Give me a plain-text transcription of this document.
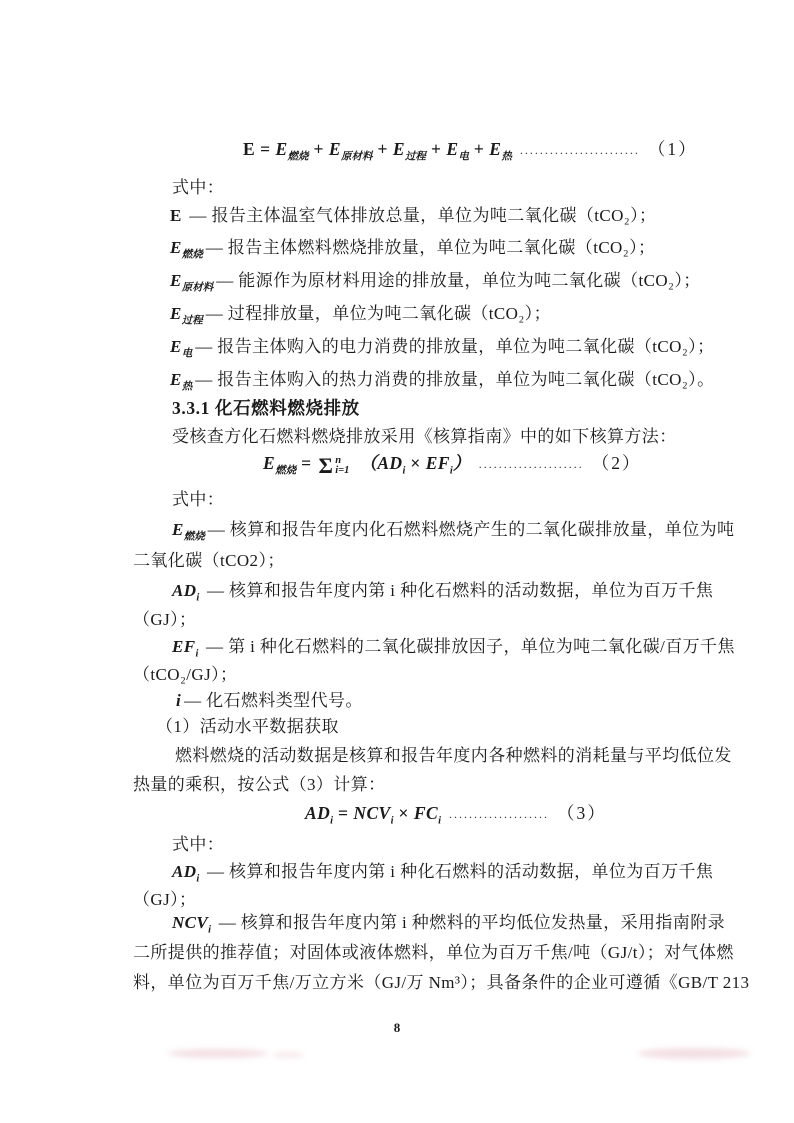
$E = E_{燃烧} + E_{原材料} + E_{过程} + E_电 + E_热$ ........................ （1）
式中：
E — 报告主体温室气体排放总量，单位为吨二氧化碳（tCO₂）；
$E_{燃烧}$ — 报告主体燃料燃烧排放量，单位为吨二氧化碳（tCO₂）；
$E_{原材料}$ — 能源作为原材料用途的排放量，单位为吨二氧化碳（tCO₂）；
$E_{过程}$ — 过程排放量，单位为吨二氧化碳（tCO₂）；
$E_电$ — 报告主体购入的电力消费的排放量，单位为吨二氧化碳（tCO₂）；
$E_热$ — 报告主体购入的热力消费的排放量，单位为吨二氧化碳（tCO₂）。
3.3.1 化石燃料燃烧排放
受核查方化石燃料燃烧排放采用《核算指南》中的如下核算方法：
$E_{燃烧} = \Sigma$ n
i=1 $(AD_i \times EF_i)$ ..................... （2）
式中：
$E_{燃烧}$ — 核算和报告年度内化石燃料燃烧产生的二氧化碳排放量，单位为吨
二氧化碳（tCO2）；
$AD_i$ — 核算和报告年度内第 i 种化石燃料的活动数据，单位为百万千焦
（GJ）；
$EF_i$ — 第 i 种化石燃料的二氧化碳排放因子，单位为吨二氧化碳/百万千焦
（tCO₂/GJ）；
i — 化石燃料类型代号。
（1）活动水平数据获取
燃料燃烧的活动数据是核算和报告年度内各种燃料的消耗量与平均低位发
热量的乘积，按公式（3）计算：
$AD_i = NCV_i \times FC_i$ .................... （3）
式中：
$AD_i$ — 核算和报告年度内第 i 种化石燃料的活动数据，单位为百万千焦
（GJ）；
$NCV_i$ — 核算和报告年度内第 i 种燃料的平均低位发热量，采用指南附录
二所提供的推荐值；对固体或液体燃料，单位为百万千焦/吨（GJ/t）；对气体燃
料，单位为百万千焦/万立方米（GJ/万 Nm³）；具备条件的企业可遵循《GB/T 213
8
